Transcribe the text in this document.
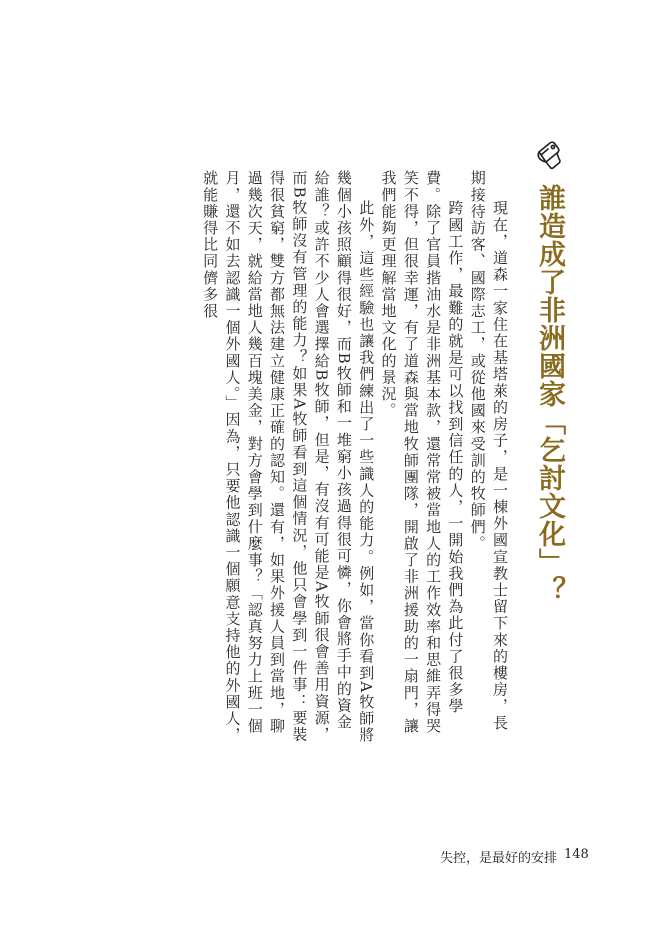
誰造成了非洲國家「乞討文化」？

現在，道森一家住在基塔萊的房子，是一棟外國宣教士留下來的樓房，長期接待訪客、國際志工，或從他國來受訓的牧師們。

跨國工作，最難的就是可以找到信任的人，一開始我們為此付了很多學費。除了官員揩油水是非洲基本款，還常常被當地人的工作效率和思維弄得哭笑不得，但很幸運，有了道森與當地牧師團隊，開啟了非洲援助的一扇門，讓我們能夠更理解當地文化的景況。

此外，這些經驗也讓我們練出了一些識人的能力。例如，當你看到A牧師將幾個小孩照顧得很好，而B牧師和一堆窮小孩過得很可憐，你會將手中的資金給誰？或許不少人會選擇給B牧師，但是，有沒有可能是A牧師很會善用資源，而B牧師沒有管理的能力？如果A牧師看到這個情況，他只會學到一件事：要裝得很貧窮，雙方都無法建立健康正確的認知。還有，如果外援人員到當地，聊過幾次天，就給當地人幾百塊美金，對方會學到什麼事？「認真努力上班一個月，還不如去認識一個外國人。」因為，只要他認識一個願意支持他的外國人，就能賺得比同儕多很

失控，是最好的安排 148
